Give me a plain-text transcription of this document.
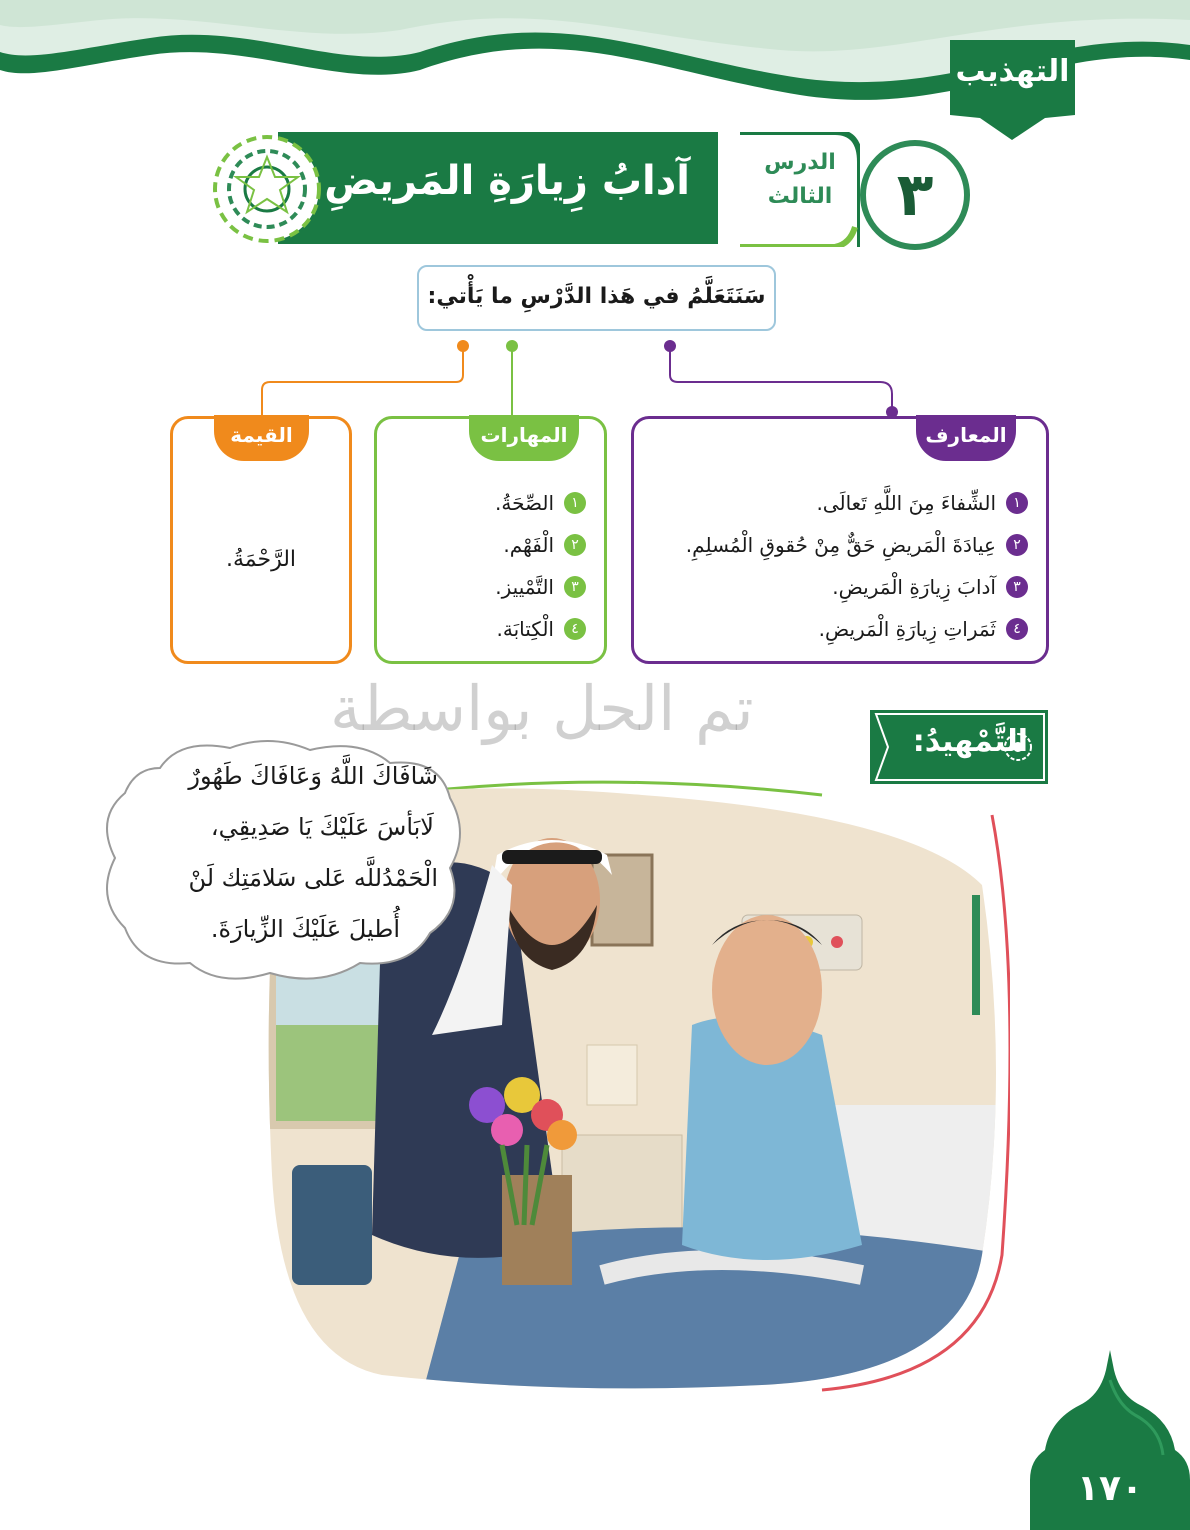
التهذيب
٣
الدرس
الثالث
آدابُ زِيارَةِ المَريضِ
سَنَتَعَلَّمُ في هَذا الدَّرْسِ ما يَأْتي:
المعارف
١
الشِّفاءَ مِنَ اللَّهِ تَعالَى.
٢
عِيادَةَ الْمَريضِ حَقٌّ مِنْ حُقوقِ الْمُسلِمِ.
٣
آدابَ زِيارَةِ الْمَريضِ.
٤
ثَمَراتِ زِيارَةِ الْمَريضِ.
المهارات
١
الصِّحَةُ.
٢
الْفَهْم.
٣
التَّمْييز.
٤
الْكِتابَة.
القيمة
الرَّحْمَةُ.
تم الحل بواسطة	التَّمْهيدُ:
شَافَاكَ اللَّهُ وَعَافَاكَ طَهُورٌ
لَابَأسَ عَلَيْكَ يَا صَدِيقِي،
الْحَمْدُللَّه عَلى سَلامَتِك لَنْ
أُطيلَ عَلَيْكَ الزِّيارَةَ.
١٧٠
